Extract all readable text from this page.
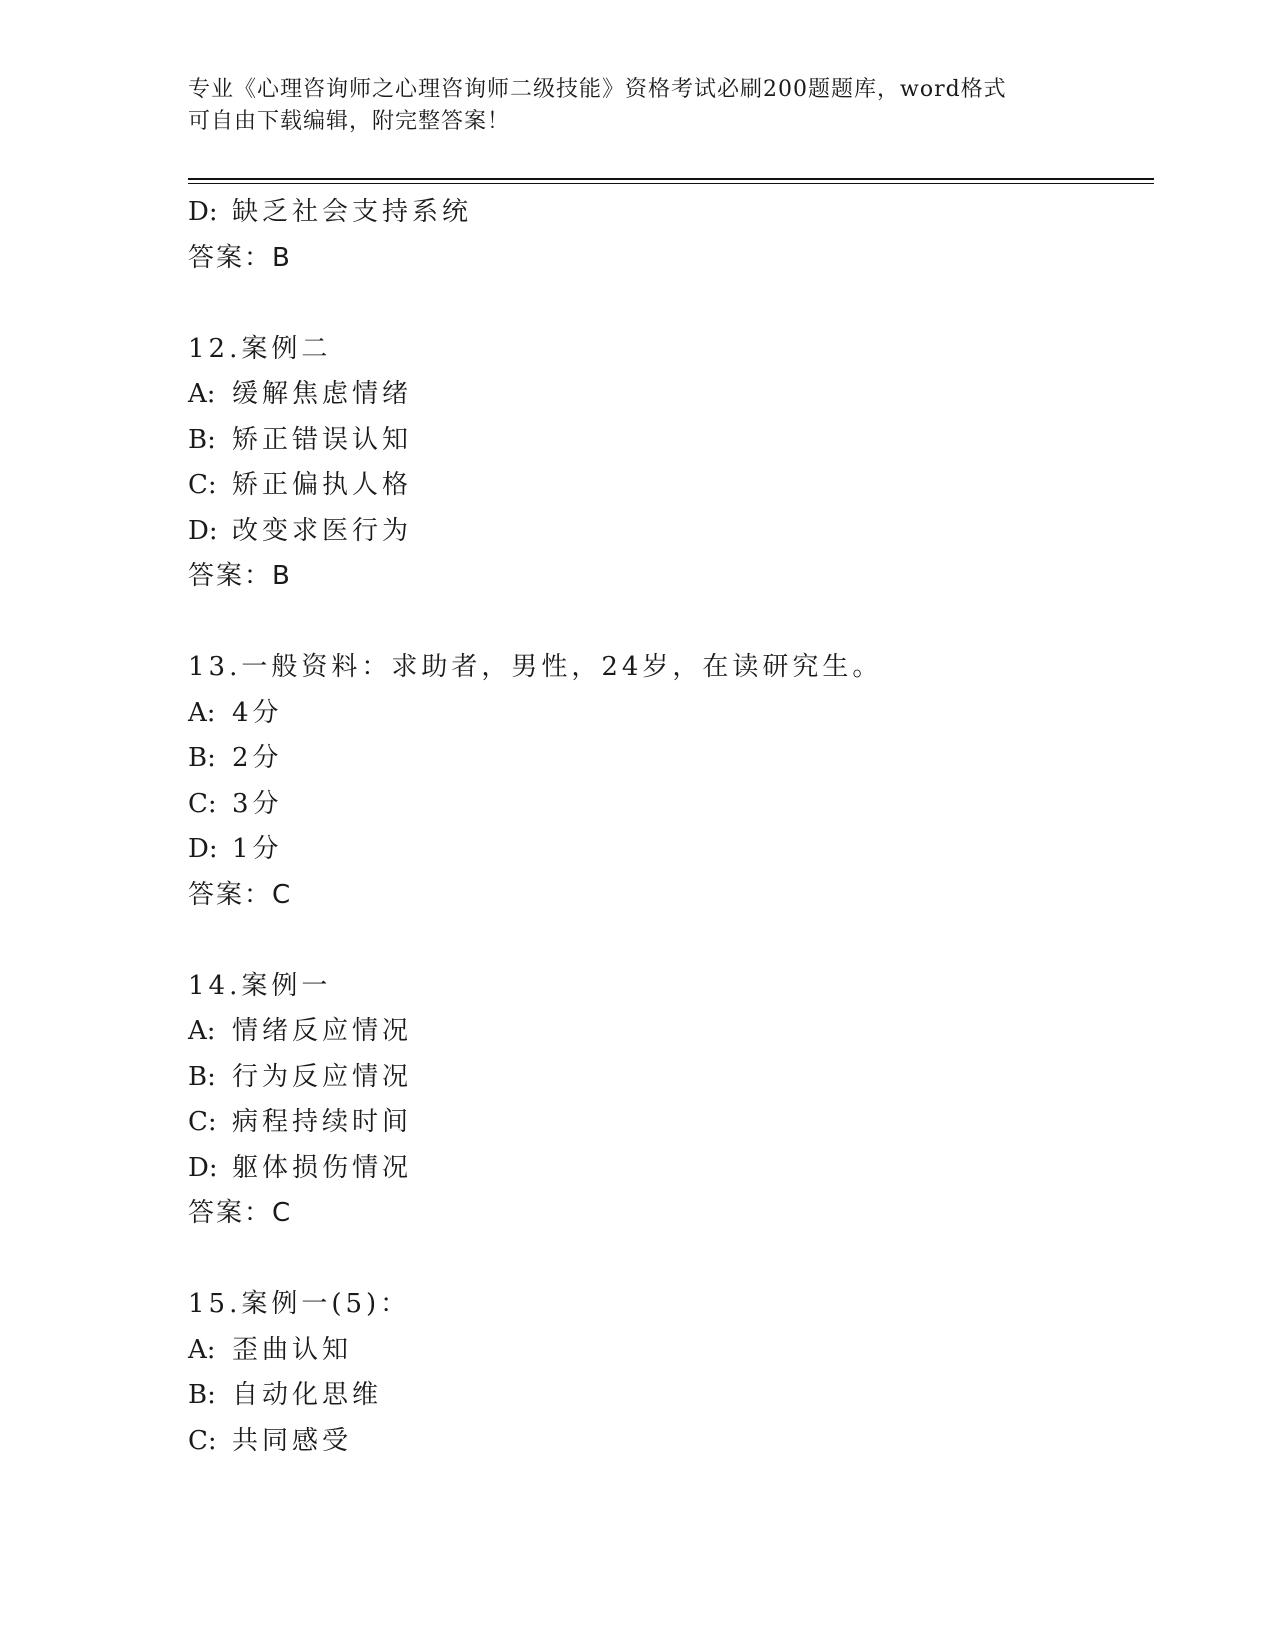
专业《心理咨询师之心理咨询师二级技能》资格考试必刷200题题库，word格式
可自由下载编辑，附完整答案！
D: 缺乏社会支持系统
答案：B
12.案例二
A: 缓解焦虑情绪
B: 矫正错误认知
C: 矫正偏执人格
D: 改变求医行为
答案：B
13.一般资料：求助者，男性，24岁，在读研究生。
A: 4分
B: 2分
C: 3分
D: 1分
答案：C
14.案例一
A: 情绪反应情况
B: 行为反应情况
C: 病程持续时间
D: 躯体损伤情况
答案：C
15.案例一(5)：
A: 歪曲认知
B: 自动化思维
C: 共同感受
